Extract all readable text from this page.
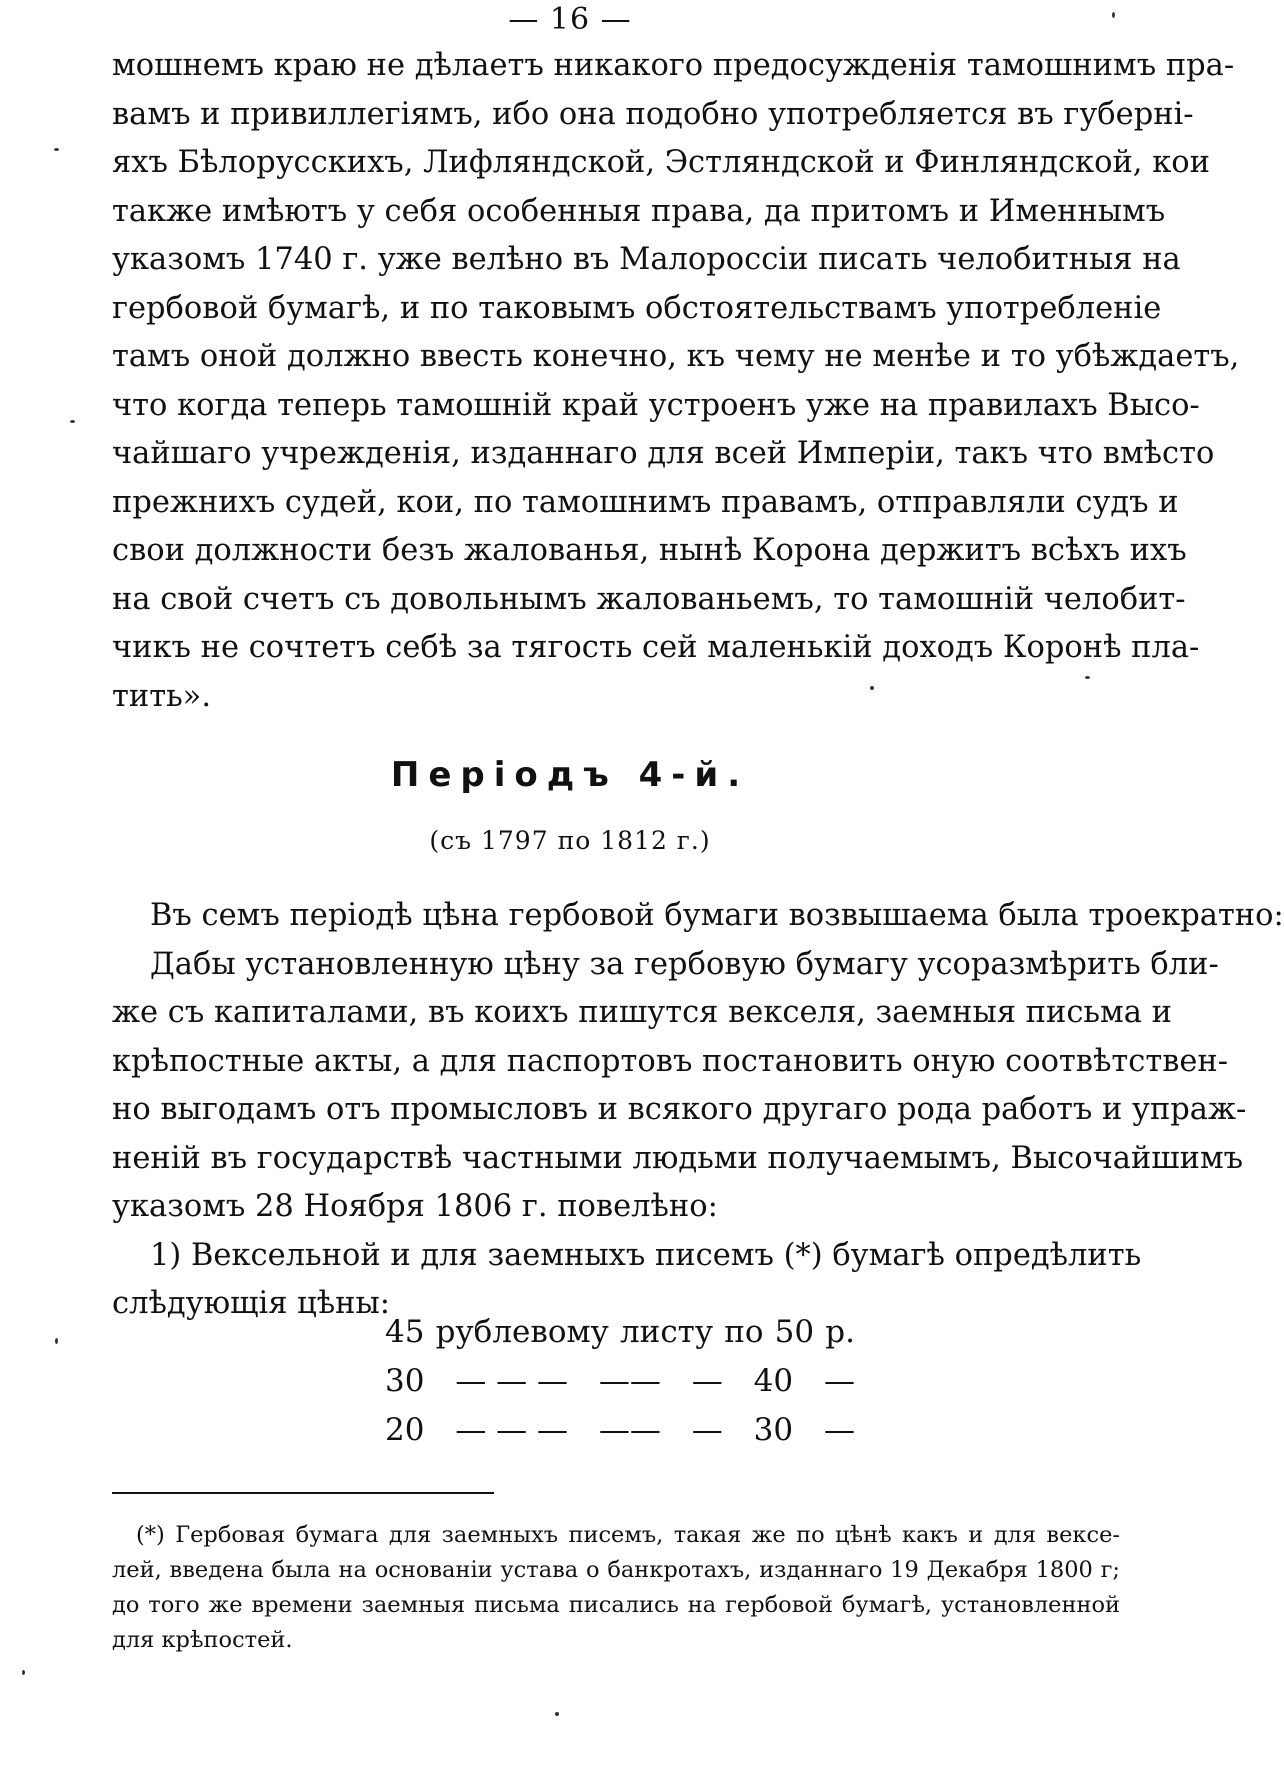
— 16 —
мошнемъ краю не дѣлаетъ никакого предосужденія тамошнимъ пра-
вамъ и привиллегіямъ, ибо она подобно употребляется въ губерні-
яхъ Бѣлорусскихъ, Лифляндской, Эстляндской и Финляндской, кои
также имѣютъ у себя особенныя права, да притомъ и Именнымъ
указомъ 1740 г. уже велѣно въ Малороссіи писать челобитныя на
гербовой бумагѣ, и по таковымъ обстоятельствамъ употребленіе
тамъ оной должно ввесть конечно, къ чему не менѣе и то убѣждаетъ,
что когда теперь тамошній край устроенъ уже на правилахъ Высо-
чайшаго учрежденія, изданнаго для всей Имперіи, такъ что вмѣсто
прежнихъ судей, кои, по тамошнимъ правамъ, отправляли судъ и
свои должности безъ жалованья, нынѣ Корона держитъ всѣхъ ихъ
на свой счетъ съ довольнымъ жалованьемъ, то тамошній челобит-
чикъ не сочтетъ себѣ за тягость сей маленькій доходъ Коронѣ пла-
тить».
Періодъ 4-й.
(съ 1797 по 1812 г.)
Въ семъ періодѣ цѣна гербовой бумаги возвышаема была троекратно:
Дабы установленную цѣну за гербовую бумагу усоразмѣрить бли-
же съ капиталами, въ коихъ пишутся векселя, заемныя письма и
крѣпостные акты, а для паспортовъ постановить оную соотвѣтствен-
но выгодамъ отъ промысловъ и всякого другаго рода работъ и упраж-
неній въ государствѣ частными людьми получаемымъ, Высочайшимъ
указомъ 28 Ноября 1806 г. повелѣно:
1) Вексельной и для заемныхъ писемъ (*) бумагѣ опредѣлить
слѣдующія цѣны:
45 рублевому листу по 50 р.
30 — — — —— — 40 —
20 — — — —— — 30 —
(*) Гербовая бумага для заемныхъ писемъ, такая же по цѣнѣ какъ и для вексе-
лей, введена была на основаніи устава о банкротахъ, изданнаго 19 Декабря 1800 г;
до того же времени заемныя письма писались на гербовой бумагѣ, установленной
для крѣпостей.
